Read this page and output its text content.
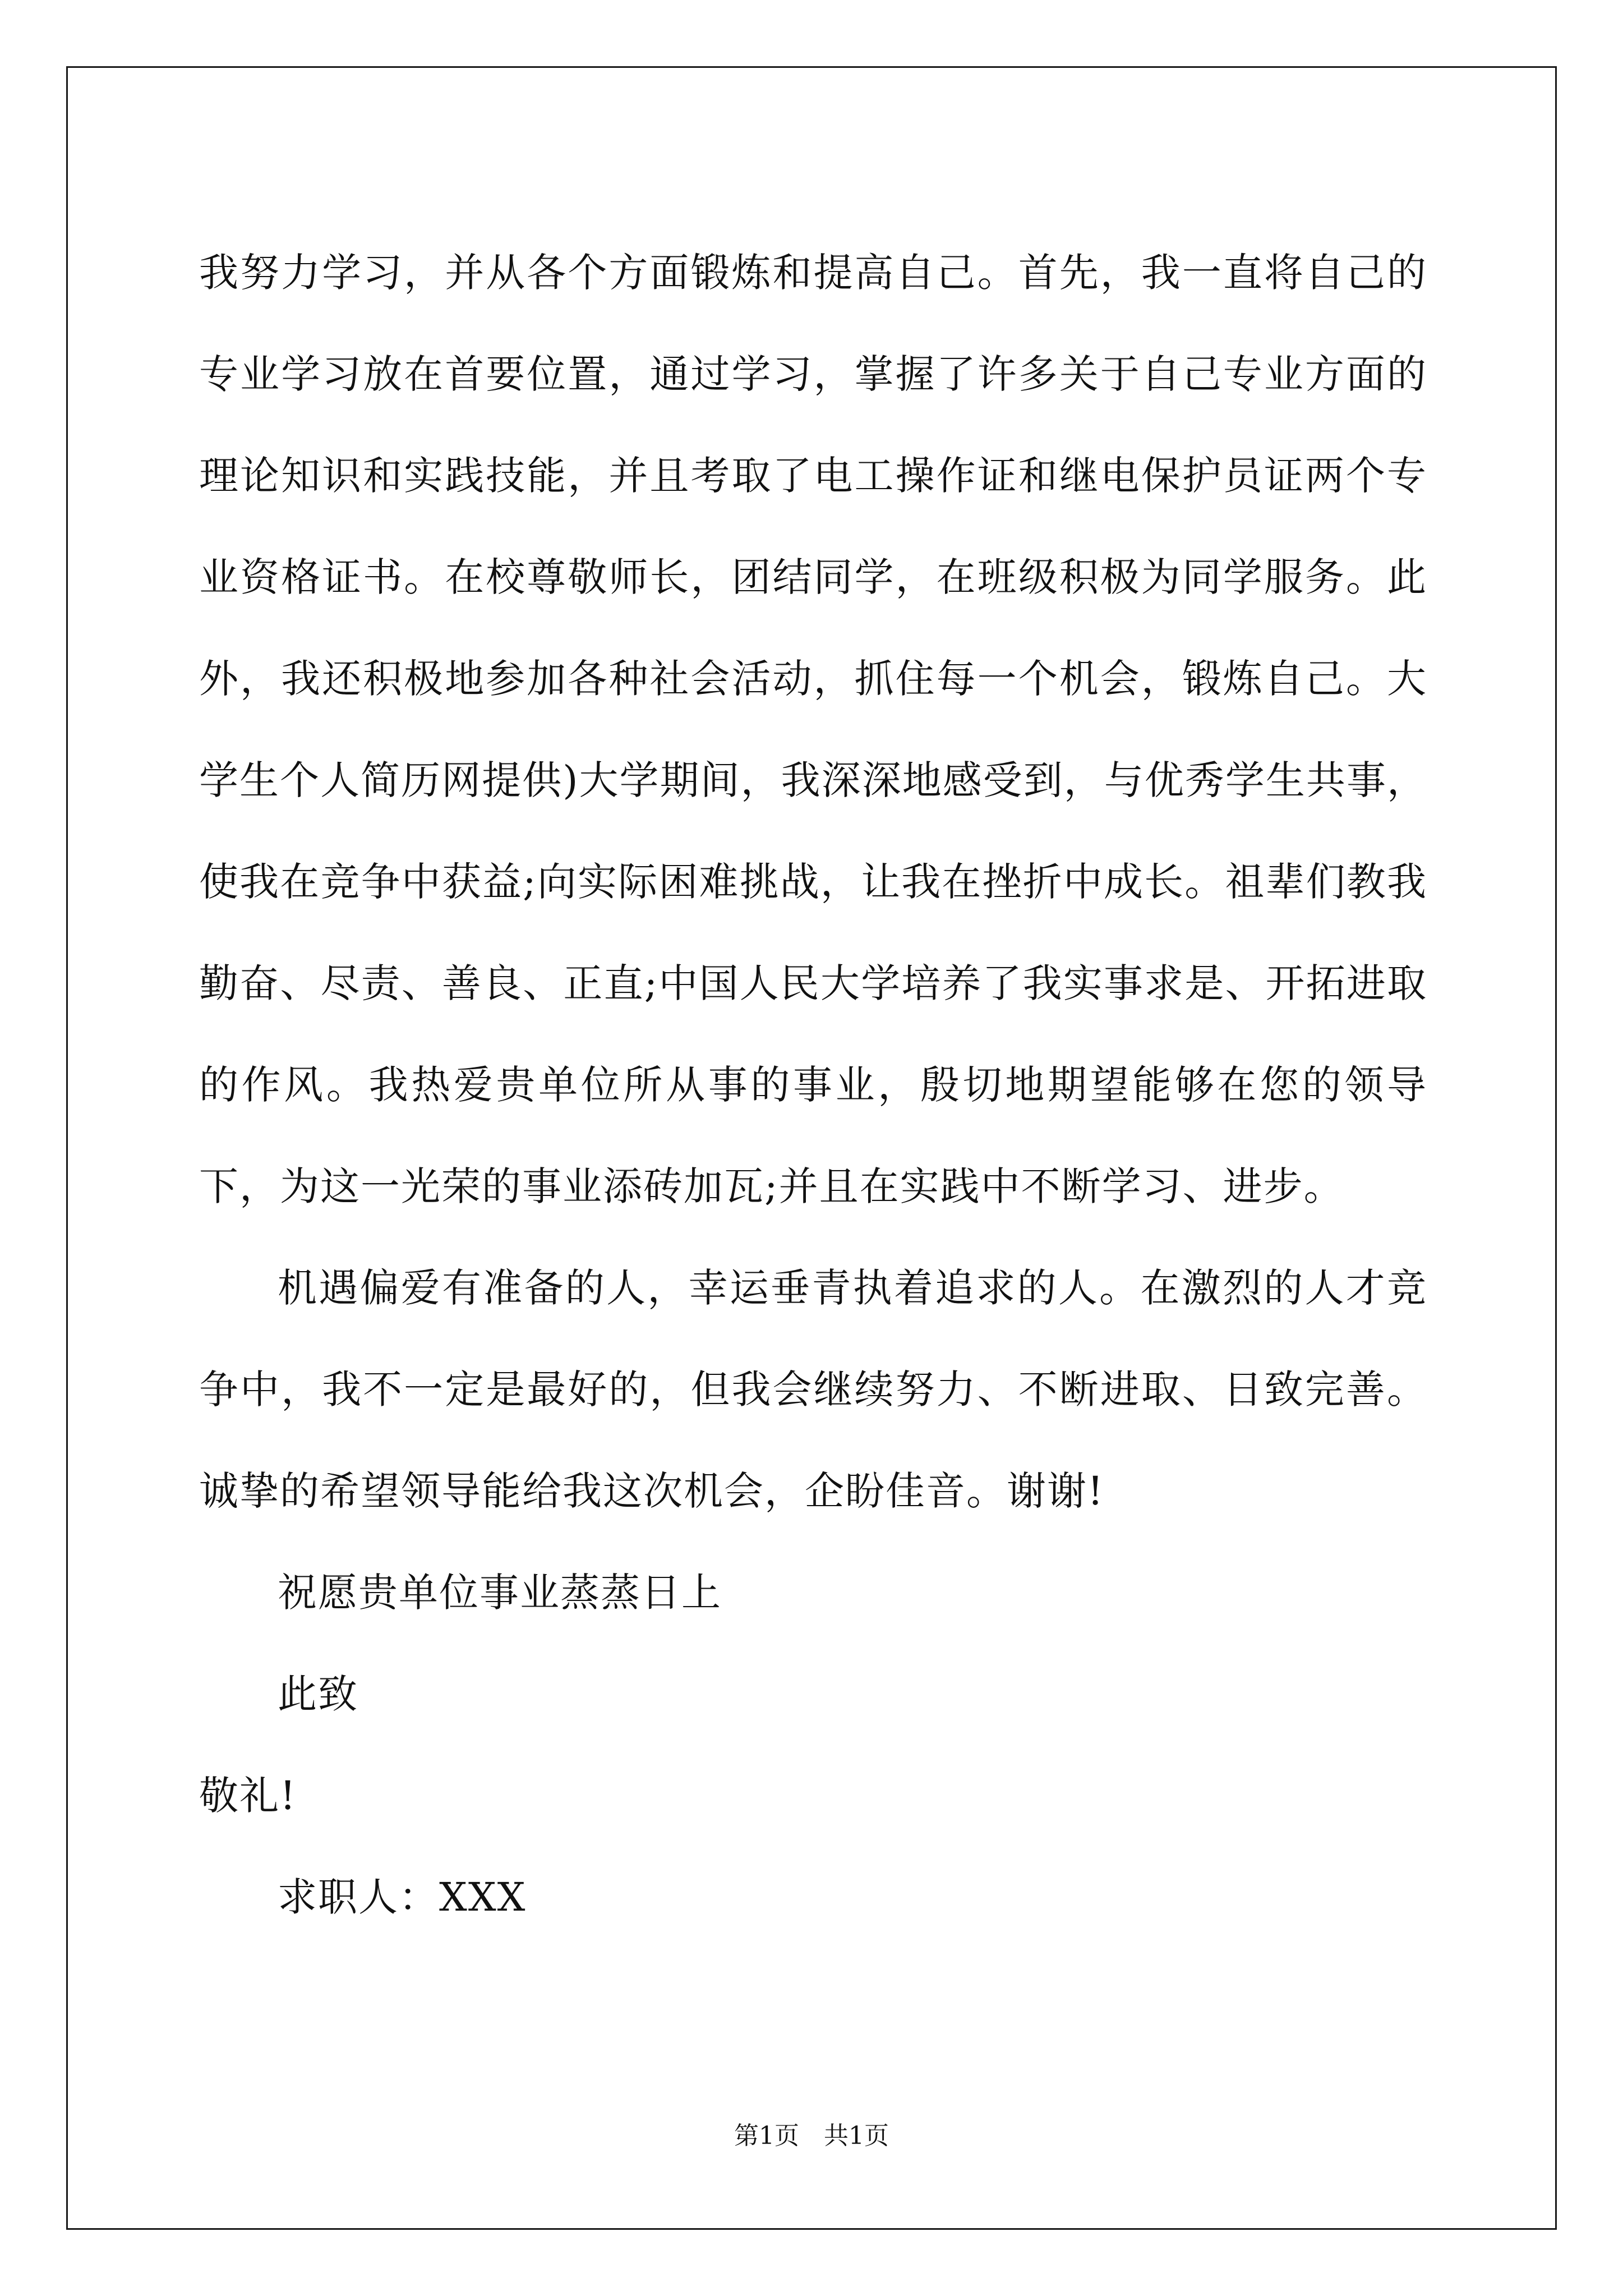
我努力学习，并从各个方面锻炼和提高自己。首先，我一直将自己的专业学习放在首要位置，通过学习，掌握了许多关于自己专业方面的理论知识和实践技能，并且考取了电工操作证和继电保护员证两个专业资格证书。在校尊敬师长，团结同学，在班级积极为同学服务。此外，我还积极地参加各种社会活动，抓住每一个机会，锻炼自己。大学生个人简历网提供)大学期间，我深深地感受到，与优秀学生共事，使我在竞争中获益;向实际困难挑战，让我在挫折中成长。祖辈们教我勤奋、尽责、善良、正直;中国人民大学培养了我实事求是、开拓进取的作风。我热爱贵单位所从事的事业，殷切地期望能够在您的领导下，为这一光荣的事业添砖加瓦;并且在实践中不断学习、进步。

机遇偏爱有准备的人，幸运垂青执着追求的人。在激烈的人才竞争中，我不一定是最好的，但我会继续努力、不断进取、日致完善。诚挚的希望领导能给我这次机会，企盼佳音。谢谢!

祝愿贵单位事业蒸蒸日上

此致

敬礼!

求职人：XXX

第1页 共1页
